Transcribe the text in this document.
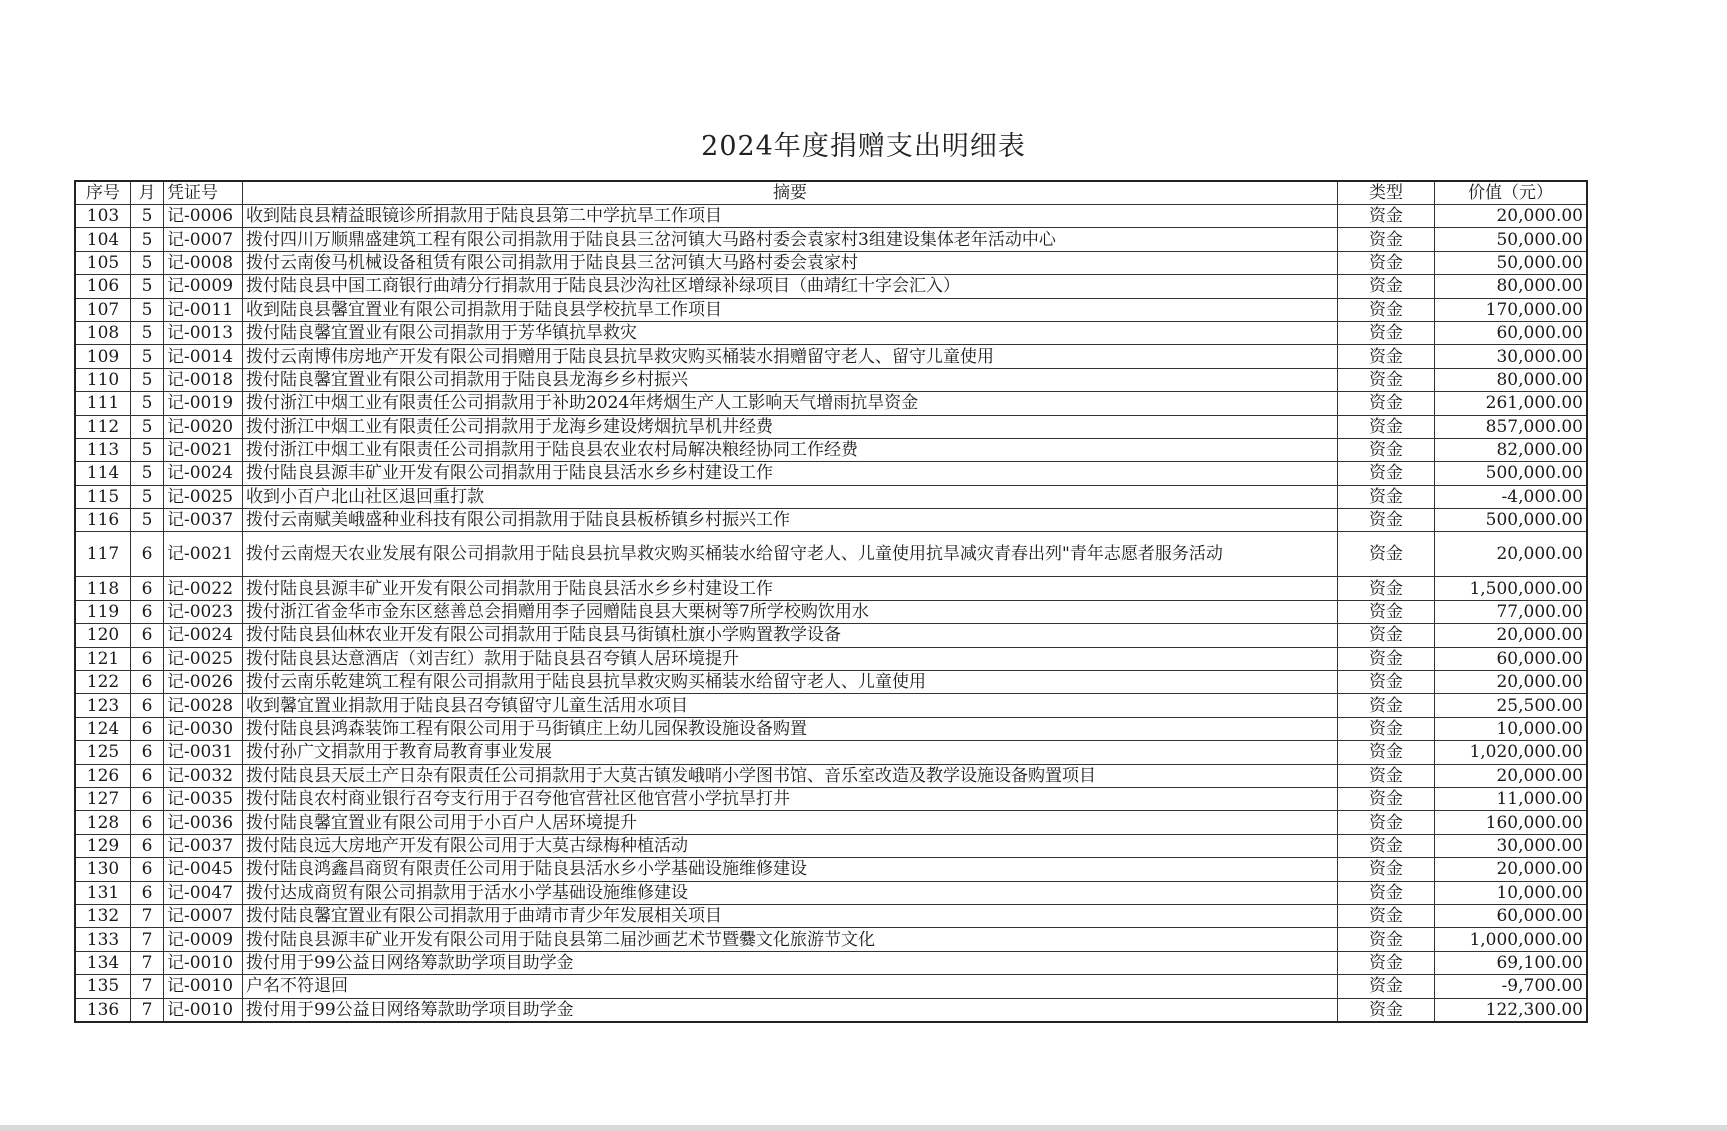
2024年度捐赠支出明细表
序号	月	凭证号	摘要	类型	价值（元）
103	5	记-0006	收到陆良县精益眼镜诊所捐款用于陆良县第二中学抗旱工作项目	资金	20,000.00
104	5	记-0007	拨付四川万顺鼎盛建筑工程有限公司捐款用于陆良县三岔河镇大马路村委会袁家村3组建设集体老年活动中心	资金	50,000.00
105	5	记-0008	拨付云南俊马机械设备租赁有限公司捐款用于陆良县三岔河镇大马路村委会袁家村	资金	50,000.00
106	5	记-0009	拨付陆良县中国工商银行曲靖分行捐款用于陆良县沙沟社区增绿补绿项目（曲靖红十字会汇入）	资金	80,000.00
107	5	记-0011	收到陆良县馨宜置业有限公司捐款用于陆良县学校抗旱工作项目	资金	170,000.00
108	5	记-0013	拨付陆良馨宜置业有限公司捐款用于芳华镇抗旱救灾	资金	60,000.00
109	5	记-0014	拨付云南博伟房地产开发有限公司捐赠用于陆良县抗旱救灾购买桶装水捐赠留守老人、留守儿童使用	资金	30,000.00
110	5	记-0018	拨付陆良馨宜置业有限公司捐款用于陆良县龙海乡乡村振兴	资金	80,000.00
111	5	记-0019	拨付浙江中烟工业有限责任公司捐款用于补助2024年烤烟生产人工影响天气增雨抗旱资金	资金	261,000.00
112	5	记-0020	拨付浙江中烟工业有限责任公司捐款用于龙海乡建设烤烟抗旱机井经费	资金	857,000.00
113	5	记-0021	拨付浙江中烟工业有限责任公司捐款用于陆良县农业农村局解决粮经协同工作经费	资金	82,000.00
114	5	记-0024	拨付陆良县源丰矿业开发有限公司捐款用于陆良县活水乡乡村建设工作	资金	500,000.00
115	5	记-0025	收到小百户北山社区退回重打款	资金	-4,000.00
116	5	记-0037	拨付云南赋美峨盛种业科技有限公司捐款用于陆良县板桥镇乡村振兴工作	资金	500,000.00
117	6	记-0021	拨付云南煜天农业发展有限公司捐款用于陆良县抗旱救灾购买桶装水给留守老人、儿童使用抗旱减灾青春出列"青年志愿者服务活动	资金	20,000.00
118	6	记-0022	拨付陆良县源丰矿业开发有限公司捐款用于陆良县活水乡乡村建设工作	资金	1,500,000.00
119	6	记-0023	拨付浙江省金华市金东区慈善总会捐赠用李子园赠陆良县大栗树等7所学校购饮用水	资金	77,000.00
120	6	记-0024	拨付陆良县仙林农业开发有限公司捐款用于陆良县马街镇杜旗小学购置教学设备	资金	20,000.00
121	6	记-0025	拨付陆良县达意酒店（刘吉红）款用于陆良县召夸镇人居环境提升	资金	60,000.00
122	6	记-0026	拨付云南乐乾建筑工程有限公司捐款用于陆良县抗旱救灾购买桶装水给留守老人、儿童使用	资金	20,000.00
123	6	记-0028	收到馨宜置业捐款用于陆良县召夸镇留守儿童生活用水项目	资金	25,500.00
124	6	记-0030	拨付陆良县鸿森装饰工程有限公司用于马街镇庄上幼儿园保教设施设备购置	资金	10,000.00
125	6	记-0031	拨付孙广文捐款用于教育局教育事业发展	资金	1,020,000.00
126	6	记-0032	拨付陆良县天辰土产日杂有限责任公司捐款用于大莫古镇发峨哨小学图书馆、音乐室改造及教学设施设备购置项目	资金	20,000.00
127	6	记-0035	拨付陆良农村商业银行召夸支行用于召夸他官营社区他官营小学抗旱打井	资金	11,000.00
128	6	记-0036	拨付陆良馨宜置业有限公司用于小百户人居环境提升	资金	160,000.00
129	6	记-0037	拨付陆良远大房地产开发有限公司用于大莫古绿梅种植活动	资金	30,000.00
130	6	记-0045	拨付陆良鸿鑫昌商贸有限责任公司用于陆良县活水乡小学基础设施维修建设	资金	20,000.00
131	6	记-0047	拨付达成商贸有限公司捐款用于活水小学基础设施维修建设	资金	10,000.00
132	7	记-0007	拨付陆良馨宜置业有限公司捐款用于曲靖市青少年发展相关项目	资金	60,000.00
133	7	记-0009	拨付陆良县源丰矿业开发有限公司用于陆良县第二届沙画艺术节暨爨文化旅游节文化	资金	1,000,000.00
134	7	记-0010	拨付用于99公益日网络筹款助学项目助学金	资金	69,100.00
135	7	记-0010	户名不符退回	资金	-9,700.00
136	7	记-0010	拨付用于99公益日网络筹款助学项目助学金	资金	122,300.00
